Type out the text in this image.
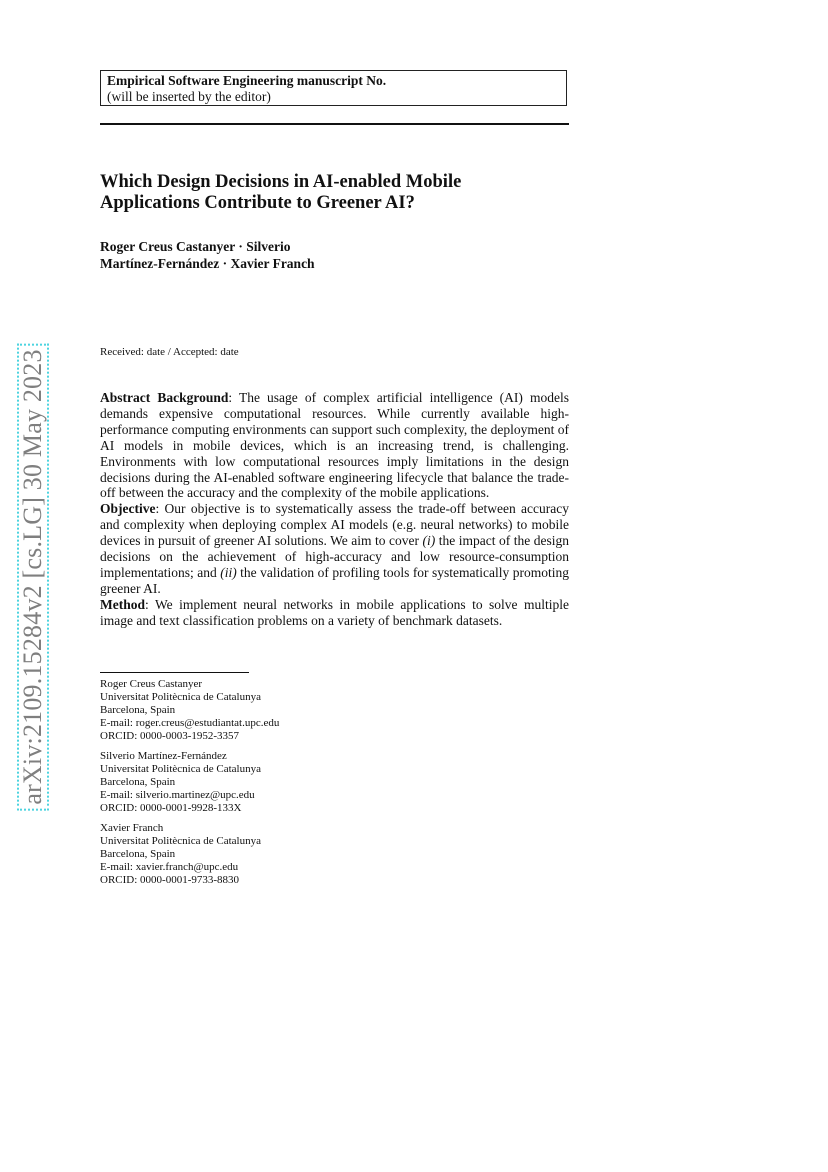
Empirical Software Engineering manuscript No.
(will be inserted by the editor)
Which Design Decisions in AI-enabled Mobile
Applications Contribute to Greener AI?
Roger Creus Castanyer · Silverio
Martínez-Fernández · Xavier Franch
Received: date / Accepted: date

Abstract Background: The usage of complex artificial intelligence (AI) models demands expensive computational resources. While currently available high-performance computing environments can support such complexity, the deployment of AI models in mobile devices, which is an increasing trend, is challenging. Environments with low computational resources imply limitations in the design decisions during the AI-enabled software engineering lifecycle that balance the trade-off between the accuracy and the complexity of the mobile applications.

Objective: Our objective is to systematically assess the trade-off between accuracy and complexity when deploying complex AI models (e.g. neural networks) to mobile devices in pursuit of greener AI solutions. We aim to cover (i) the impact of the design decisions on the achievement of high-accuracy and low resource-consumption implementations; and (ii) the validation of profiling tools for systematically promoting greener AI.

Method: We implement neural networks in mobile applications to solve multiple image and text classification problems on a variety of benchmark datasets.

Roger Creus Castanyer
Universitat Politècnica de Catalunya
Barcelona, Spain
E-mail: roger.creus@estudiantat.upc.edu
ORCID: 0000-0003-1952-3357
Silverio Martínez-Fernández
Universitat Politècnica de Catalunya
Barcelona, Spain
E-mail: silverio.martinez@upc.edu
ORCID: 0000-0001-9928-133X
Xavier Franch
Universitat Politècnica de Catalunya
Barcelona, Spain
E-mail: xavier.franch@upc.edu
ORCID: 0000-0001-9733-8830
arXiv:2109.15284v2 [cs.LG] 30 May 2023
